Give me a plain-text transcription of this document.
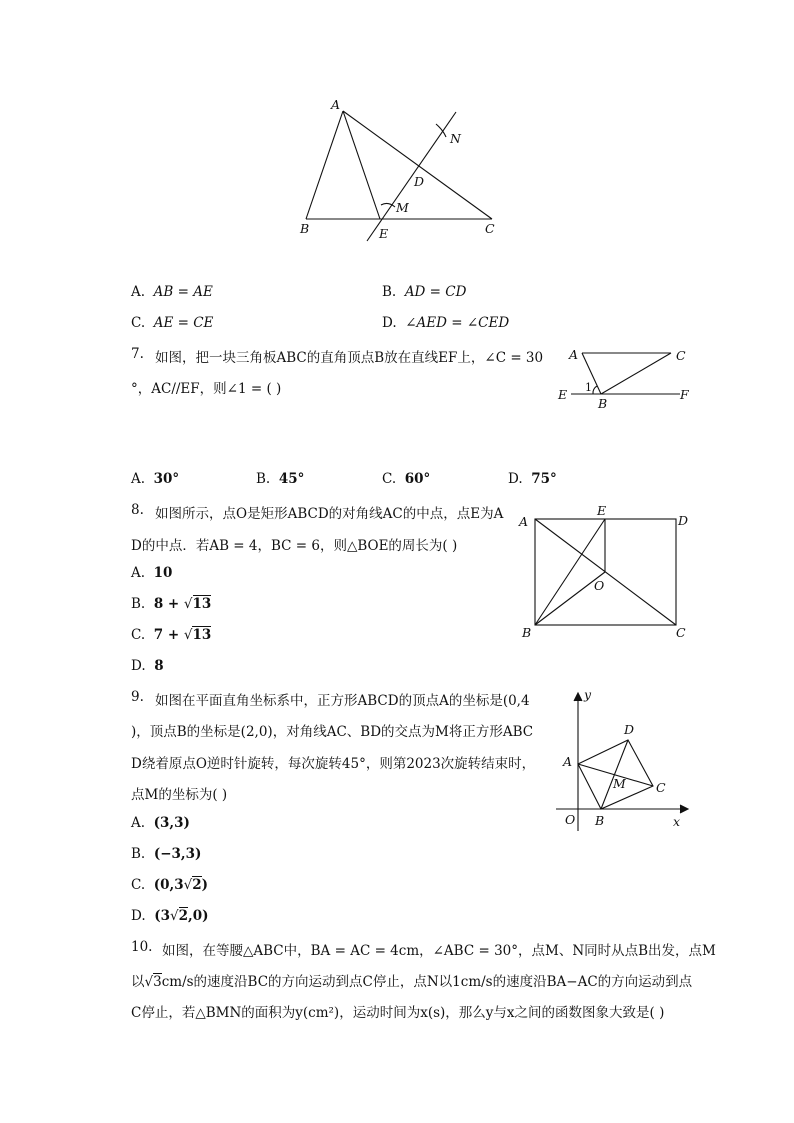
A
B	C
D
E
M
N
A. AB = AE	B. AD = CD
C. AE = CE	D. ∠AED = ∠CED
7. 如图，把一块三角板ABC的直角顶点B放在直线EF上，∠C = 30
°，AC//EF，则∠1 = ( )
A	C
E
B
F
1
A. 30°	B. 45°	C. 60°	D. 75°
8. 如图所示，点O是矩形ABCD的对角线AC的中点，点E为A
D的中点．若AB = 4，BC = 6，则△BOE的周长为( )
A
E
D
O
B	C
A. 10
B. 8 + √13
C. 7 + √13
D. 8
9. 如图在平面直角坐标系中，正方形ABCD的顶点A的坐标是(0,4
)，顶点B的坐标是(2,0)，对角线AC、BD的交点为M将正方形ABC
D绕着原点O逆时针旋转，每次旋转45°，则第2023次旋转结束时，
点M的坐标为( )
y
x
O
A
B
C
D
M
A. (3,3)
B. (−3,3)
C. (0,3√2)
D. (3√2,0)
10. 如图，在等腰△ABC中，BA = AC = 4cm，∠ABC = 30°，点M、N同时从点B出发，点M
以√3cm/s的速度沿BC的方向运动到点C停止，点N以1cm/s的速度沿BA−AC的方向运动到点
C停止，若△BMN的面积为y(cm²)，运动时间为x(s)，那么y与x之间的函数图象大致是( )
